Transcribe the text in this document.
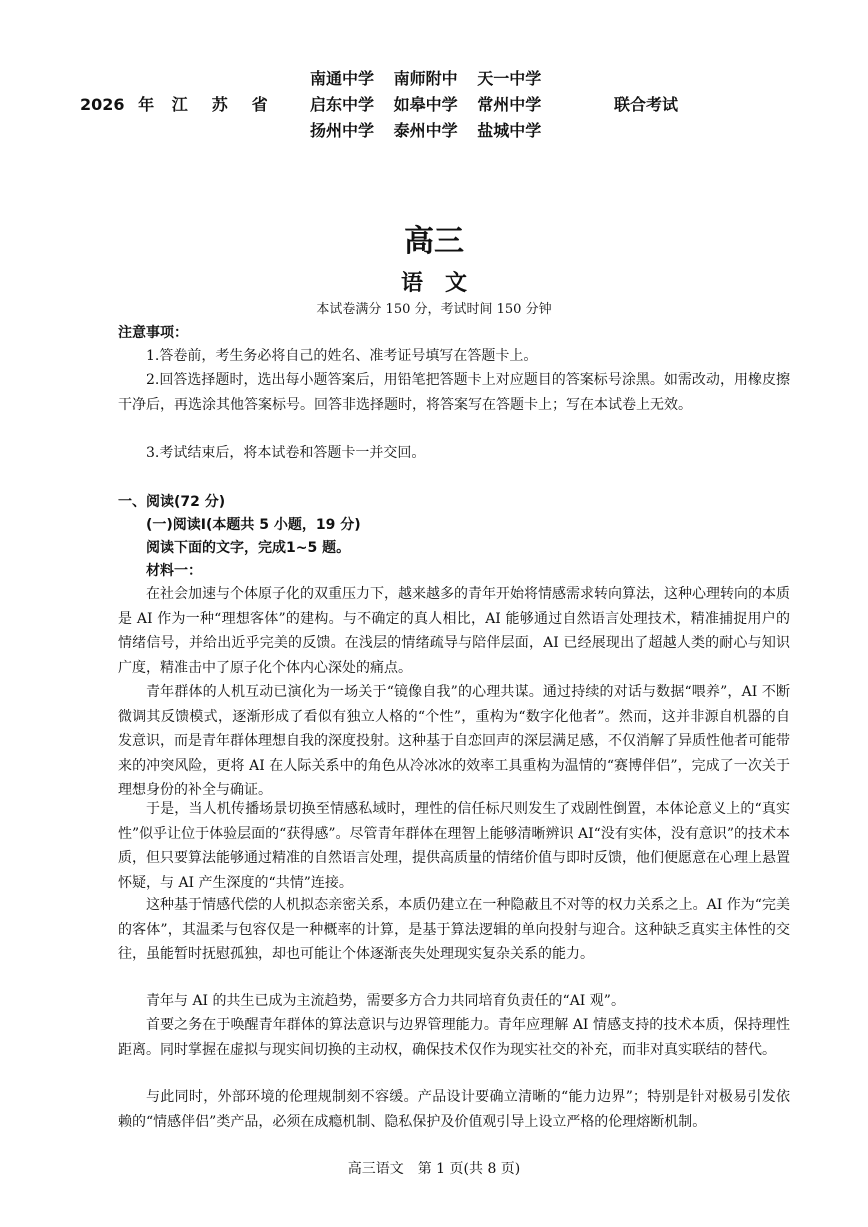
2026 年 江　苏　省
南通中学 南师附中 天一中学
启东中学 如皋中学 常州中学
扬州中学 泰州中学 盐城中学
联合考试
高三
语　文
本试卷满分 150 分，考试时间 150 分钟
注意事项：
1.答卷前，考生务必将自己的姓名、准考证号填写在答题卡上。
2.回答选择题时，选出每小题答案后，用铅笔把答题卡上对应题目的答案标号涂黑。如需改动，用橡皮擦干净后，再选涂其他答案标号。回答非选择题时，将答案写在答题卡上；写在本试卷上无效。
3.考试结束后，将本试卷和答题卡一并交回。
一、阅读(72 分)
(一)阅读Ⅰ(本题共 5 小题，19 分)
阅读下面的文字，完成1~5 题。
材料一：
在社会加速与个体原子化的双重压力下，越来越多的青年开始将情感需求转向算法，这种心理转向的本质是 AI 作为一种“理想客体”的建构。与不确定的真人相比，AI 能够通过自然语言处理技术，精准捕捉用户的情绪信号，并给出近乎完美的反馈。在浅层的情绪疏导与陪伴层面，AI 已经展现出了超越人类的耐心与知识广度，精准击中了原子化个体内心深处的痛点。
青年群体的人机互动已演化为一场关于“镜像自我”的心理共谋。通过持续的对话与数据“喂养”，AI 不断微调其反馈模式，逐渐形成了看似有独立人格的“个性”，重构为“数字化他者”。然而，这并非源自机器的自发意识，而是青年群体理想自我的深度投射。这种基于自恋回声的深层满足感，不仅消解了异质性他者可能带来的冲突风险，更将 AI 在人际关系中的角色从冷冰冰的效率工具重构为温情的“赛博伴侣”，完成了一次关于理想身份的补全与确证。
于是，当人机传播场景切换至情感私域时，理性的信任标尺则发生了戏剧性倒置，本体论意义上的“真实性”似乎让位于体验层面的“获得感”。尽管青年群体在理智上能够清晰辨识 AI“没有实体，没有意识”的技术本质，但只要算法能够通过精准的自然语言处理，提供高质量的情绪价值与即时反馈，他们便愿意在心理上悬置怀疑，与 AI 产生深度的“共情”连接。
这种基于情感代偿的人机拟态亲密关系，本质仍建立在一种隐蔽且不对等的权力关系之上。AI 作为“完美的客体”，其温柔与包容仅是一种概率的计算，是基于算法逻辑的单向投射与迎合。这种缺乏真实主体性的交往，虽能暂时抚慰孤独，却也可能让个体逐渐丧失处理现实复杂关系的能力。
青年与 AI 的共生已成为主流趋势，需要多方合力共同培育负责任的“AI 观”。
首要之务在于唤醒青年群体的算法意识与边界管理能力。青年应理解 AI 情感支持的技术本质，保持理性距离。同时掌握在虚拟与现实间切换的主动权，确保技术仅作为现实社交的补充，而非对真实联结的替代。
与此同时，外部环境的伦理规制刻不容缓。产品设计要确立清晰的“能力边界”；特别是针对极易引发依赖的“情感伴侣”类产品，必须在成瘾机制、隐私保护及价值观引导上设立严格的伦理熔断机制。
高三语文　第 1 页(共 8 页)
